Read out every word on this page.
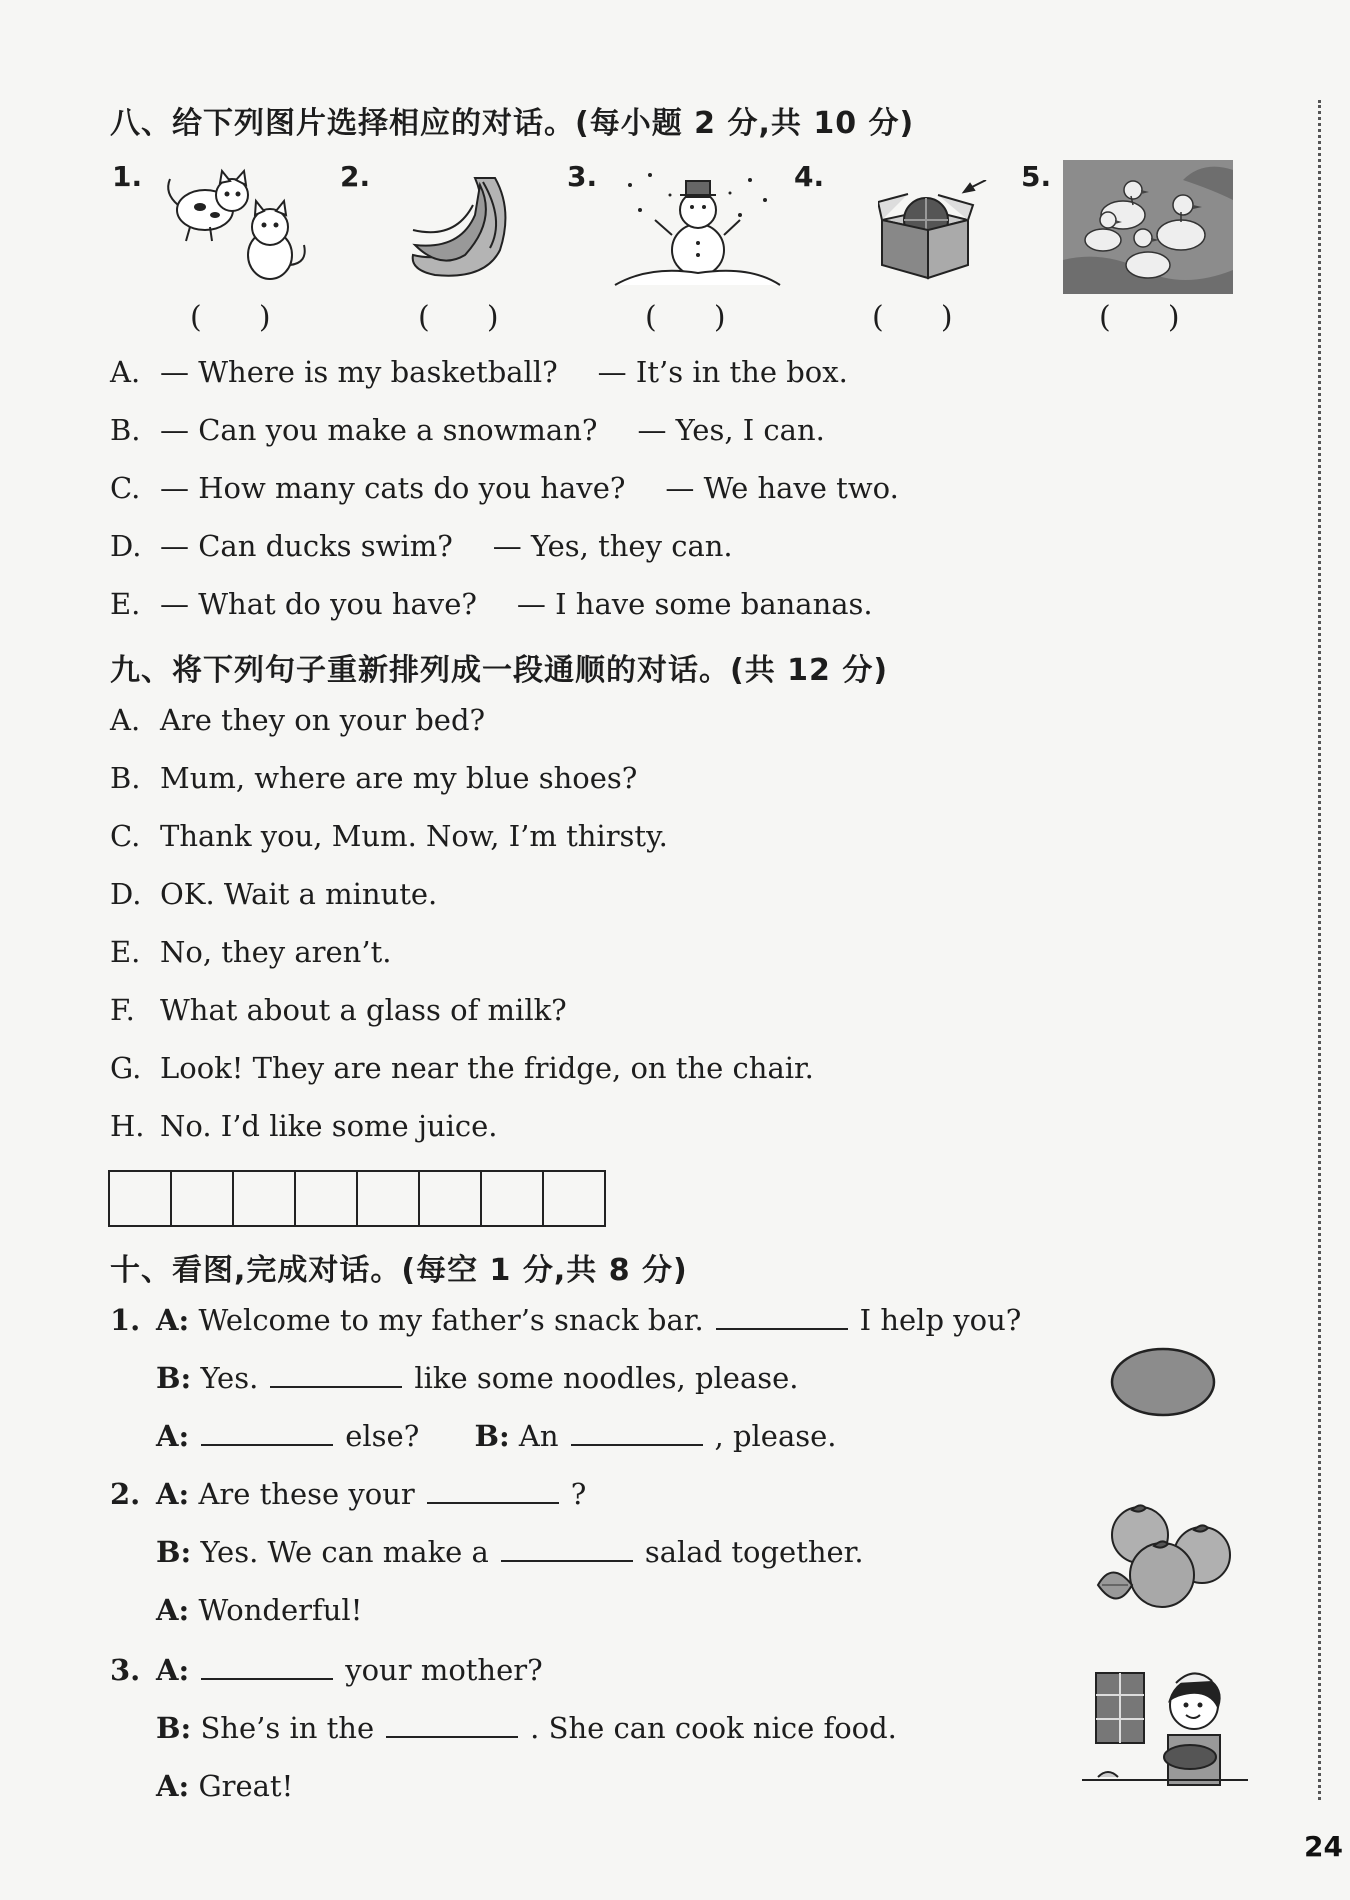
八、给下列图片选择相应的对话。(每小题 2 分,共 10 分)
1.	2.	3.	4.	5.
(      )	(      )	(      )	(      )	(      )
A. — Where is my basketball? — It’s in the box.
B. — Can you make a snowman? — Yes, I can.
C. — How many cats do you have? — We have two.
D. — Can ducks swim? — Yes, they can.
E. — What do you have? — I have some bananas.
九、将下列句子重新排列成一段通顺的对话。(共 12 分)
A. Are they on your bed?
B. Mum, where are my blue shoes?
C. Thank you, Mum. Now, I’m thirsty.
D. OK. Wait a minute.
E. No, they aren’t.
F. What about a glass of milk?
G. Look! They are near the fridge, on the chair.
H. No. I’d like some juice.
十、看图,完成对话。(每空 1 分,共 8 分)
1. A: Welcome to my father’s snack bar.	I help you?
B: Yes.	like some noodles, please.
A:	else? B: An	, please.
2. A: Are these your	?
B: Yes. We can make a	salad together.
A: Wonderful!
3. A:	your mother?
B: She’s in the	. She can cook nice food.
A: Great!
24
